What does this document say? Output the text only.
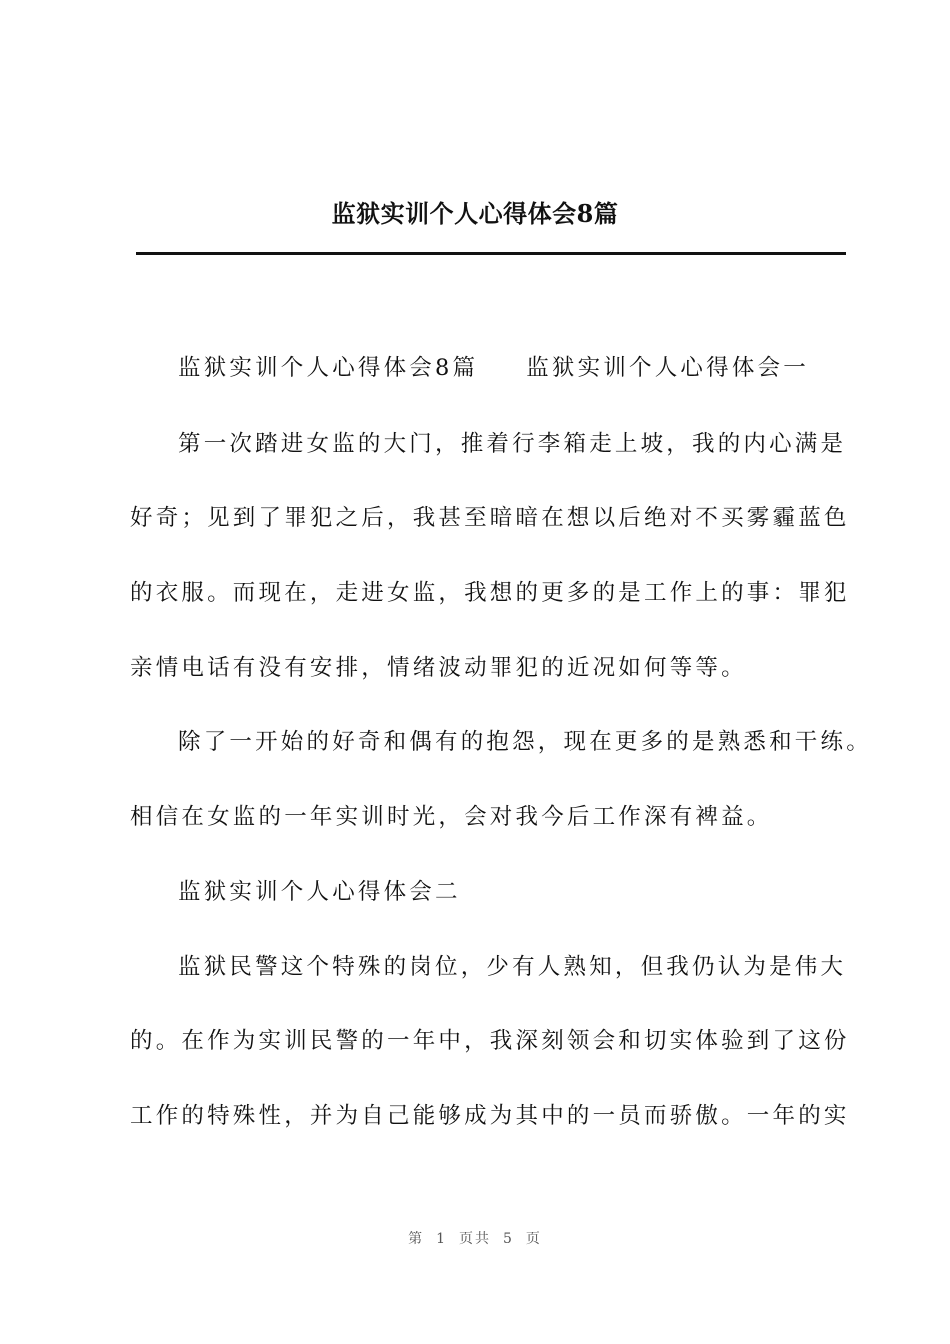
监狱实训个人心得体会8篇

监狱实训个人心得体会8篇 监狱实训个人心得体会一

第一次踏进女监的大门，推着行李箱走上坡，我的内心满是

好奇；见到了罪犯之后，我甚至暗暗在想以后绝对不买雾霾蓝色

的衣服。而现在，走进女监，我想的更多的是工作上的事：罪犯

亲情电话有没有安排，情绪波动罪犯的近况如何等等。

除了一开始的好奇和偶有的抱怨，现在更多的是熟悉和干练。

相信在女监的一年实训时光，会对我今后工作深有裨益。

监狱实训个人心得体会二

监狱民警这个特殊的岗位，少有人熟知，但我仍认为是伟大

的。在作为实训民警的一年中，我深刻领会和切实体验到了这份

工作的特殊性，并为自己能够成为其中的一员而骄傲。一年的实

第 1 页共 5 页
